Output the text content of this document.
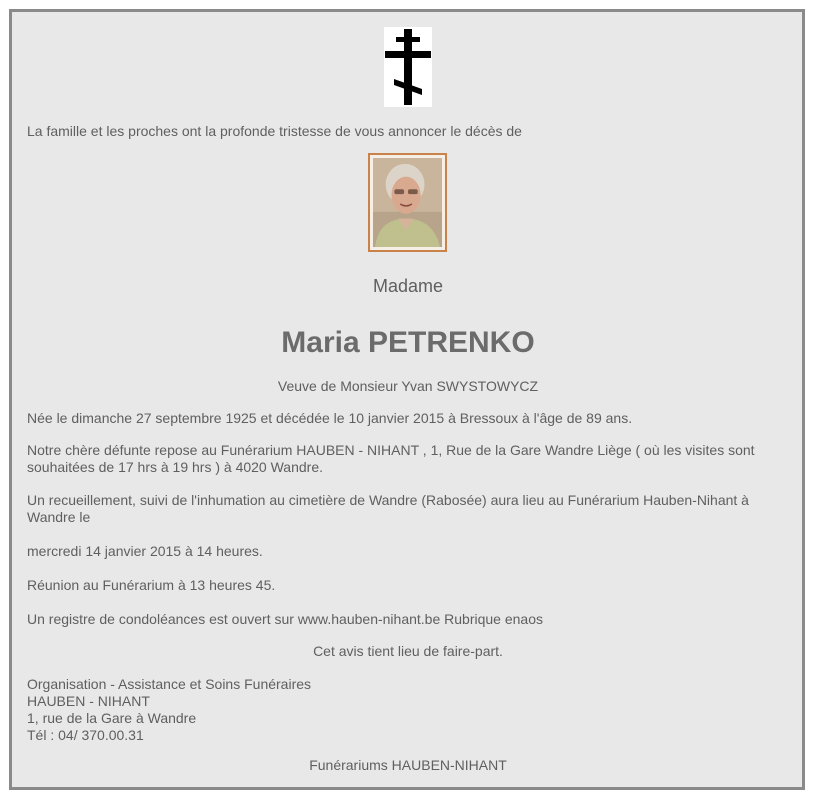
La famille et les proches ont la profonde tristesse de vous annoncer le décès de
Madame
Maria PETRENKO
Veuve de Monsieur Yvan SWYSTOWYCZ
Née le dimanche 27 septembre 1925 et décédée le 10 janvier 2015 à Bressoux à l'âge de 89 ans.
Notre chère défunte repose au Funérarium HAUBEN - NIHANT , 1, Rue de la Gare Wandre Liège ( où les visites sont
souhaitées de 17 hrs à 19 hrs ) à 4020 Wandre.
Un recueillement, suivi de l'inhumation au cimetière de Wandre (Rabosée) aura lieu au Funérarium Hauben-Nihant à
Wandre le
mercredi 14 janvier 2015 à 14 heures.
Réunion au Funérarium à 13 heures 45.
Un registre de condoléances est ouvert sur www.hauben-nihant.be Rubrique enaos
Cet avis tient lieu de faire-part.
Organisation - Assistance et Soins Funéraires
HAUBEN - NIHANT
1, rue de la Gare à Wandre
Tél : 04/ 370.00.31
Funérariums HAUBEN-NIHANT
